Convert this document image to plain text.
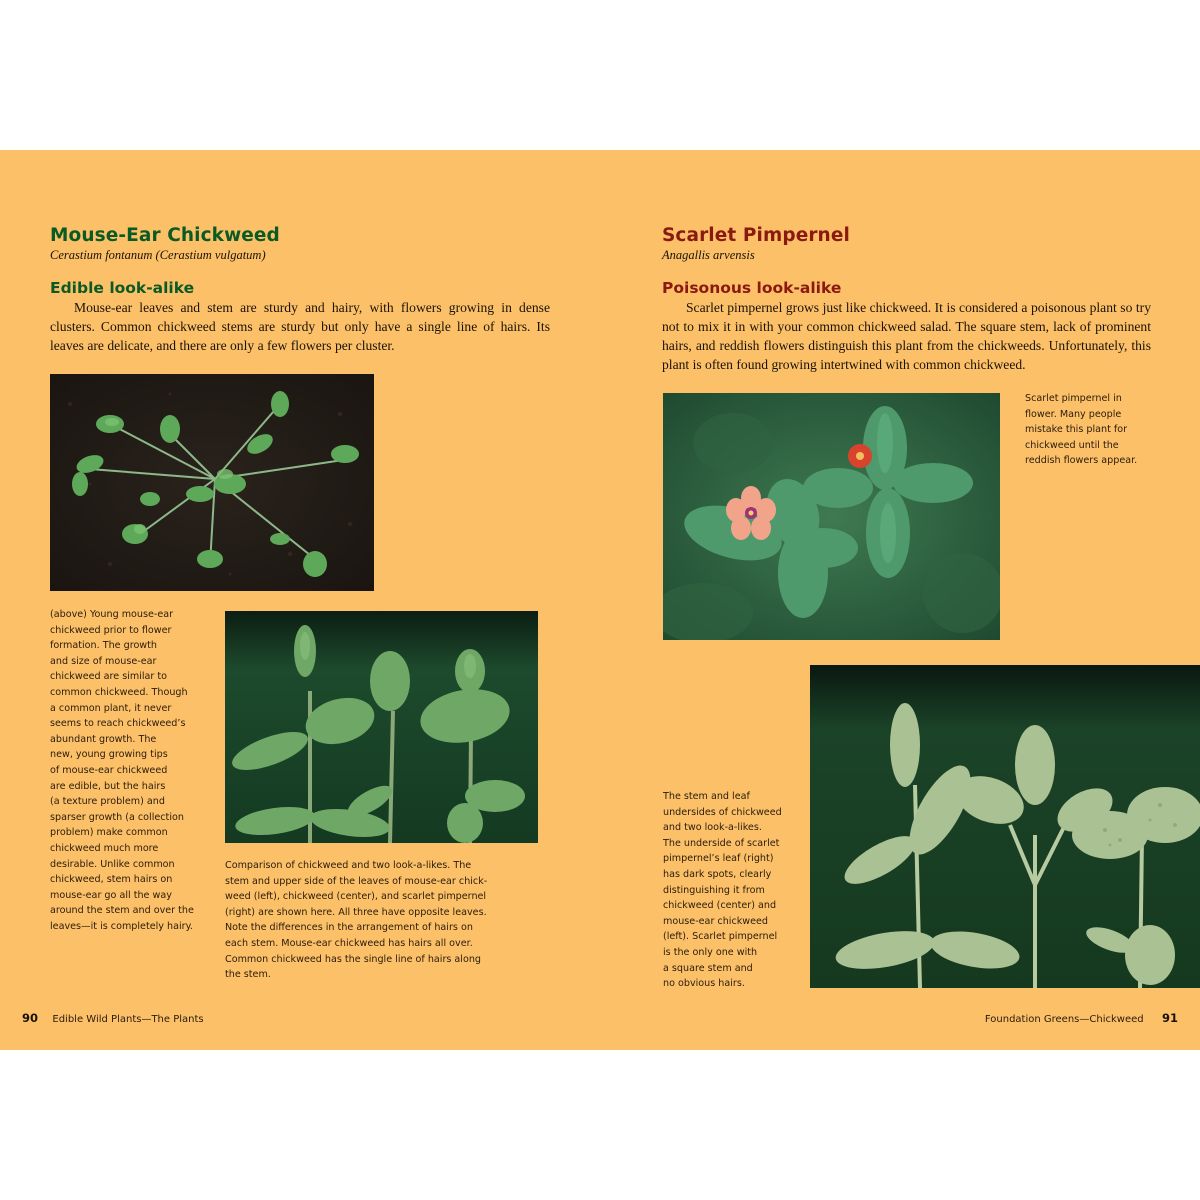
Mouse-Ear Chickweed

Cerastium fontanum (Cerastium vulgatum)

Edible look-alike

Mouse-ear leaves and stem are sturdy and hairy, with flowers growing in dense clusters. Common chickweed stems are sturdy but only have a single line of hairs. Its leaves are delicate, and there are only a few flowers per cluster.

(above) Young mouse-ear
chickweed prior to flower
formation. The growth
and size of mouse-ear
chickweed are similar to
common chickweed. Though
a common plant, it never
seems to reach chickweed’s
abundant growth. The
new, young growing tips
of mouse-ear chickweed
are edible, but the hairs
(a texture problem) and
sparser growth (a collection
problem) make common
chickweed much more
desirable. Unlike common
chickweed, stem hairs on
mouse-ear go all the way
around the stem and over the
leaves—it is completely hairy.
Comparison of chickweed and two look-a-likes. The
stem and upper side of the leaves of mouse-ear chick-
weed (left), chickweed (center), and scarlet pimpernel
(right) are shown here. All three have opposite leaves.
Note the differences in the arrangement of hairs on
each stem. Mouse-ear chickweed has hairs all over.
Common chickweed has the single line of hairs along
the stem.
90 Edible Wild Plants—The Plants
Scarlet Pimpernel

Anagallis arvensis

Poisonous look-alike

Scarlet pimpernel grows just like chickweed. It is considered a poisonous plant so try not to mix it in with your common chickweed salad. The square stem, lack of prominent hairs, and reddish flowers distinguish this plant from the chickweeds. Unfortunately, this plant is often found growing intertwined with common chickweed.

Scarlet pimpernel in
flower. Many people
mistake this plant for
chickweed until the
reddish flowers appear.
The stem and leaf
undersides of chickweed
and two look-a-likes.
The underside of scarlet
pimpernel’s leaf (right)
has dark spots, clearly
distinguishing it from
chickweed (center) and
mouse-ear chickweed
(left). Scarlet pimpernel
is the only one with
a square stem and
no obvious hairs.
Foundation Greens—Chickweed 91
